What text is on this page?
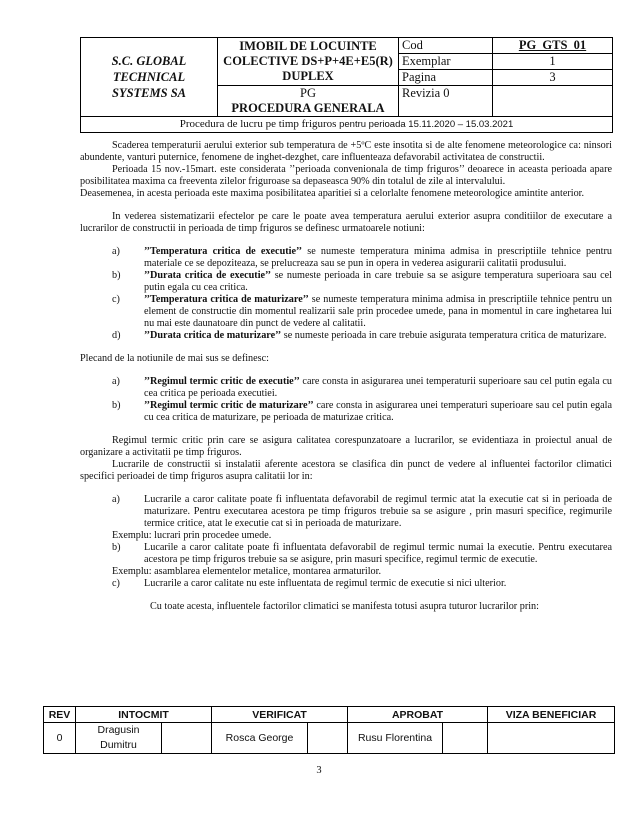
S.C. GLOBAL TECHNICAL SYSTEMS SA	IMOBIL DE LOCUINTE COLECTIVE DS+P+4E+E5(R) DUPLEX	Cod	PG_GTS_01
		Exemplar	1
		Pagina	3

	PG
PROCEDURA GENERALA	Revizia 0	
Procedura de lucru pe timp friguros pentru perioada 15.11.2020 – 15.03.2021			

Scaderea temperaturii aerului exterior sub temperatura de +5ºC este insotita si de alte fenomene meteorologice ca: ninsori abundente, vanturi puternice, fenomene de inghet-dezghet, care influenteaza defavorabil activitatea de constructii.

Perioada 15 nov.-15mart. este considerata ’’perioada convenionala de timp friguros’’ deoarece in aceasta perioada apare posibilitatea maxima ca freeventa zilelor friguroase sa depaseasca 90% din totalul de zile al intervalului.

Deasemenea, in acesta perioada este maxima posibilitatea aparitiei si a celorlalte fenomene meteorologice amintite anterior.

In vederea sistematizarii efectelor pe care le poate avea temperatura aerului exterior asupra conditiilor de executare a lucrarilor de constructii in perioada de timp friguros se definesc urmatoarele notiuni:

a)	’’Temperatura critica de executie’’ se numeste temperatura minima admisa in prescriptiile tehnice pentru materiale ce se depoziteaza, se prelucreaza sau se pun in opera in vederea asigurarii calitatii produsului.
b)	’’Durata critica de executie’’ se numeste perioada in care trebuie sa se asigure temperatura superioara sau cel putin egala cu cea critica.
c)	’’Temperatura critica de maturizare’’ se numeste temperatura minima admisa in prescriptiile tehnice pentru un element de constructie din momentul realizarii sale prin procedee umede, pana in momentul in care inghetarea lui nu mai este daunatoare din punct de vedere al calitatii.
d)	’’Durata critica de maturizare’’ se numeste perioada in care trebuie asigurata temperatura critica de maturizare.

Plecand de la notiunile de mai sus se definesc:

a)	’’Regimul termic critic de executie’’ care consta in asigurarea unei temperaturii superioare sau cel putin egala cu cea critica pe perioada executiei.
b)	’’Regimul termic critic de maturizare’’ care consta in asigurarea unei temperaturi superioare sau cel putin egala cu cea critica de maturizare, pe perioada de maturizae critica.

Regimul termic critic prin care se asigura calitatea corespunzatoare a lucrarilor, se evidentiaza in proiectul anual de organizare a activitatii pe timp friguros.

Lucrarile de constructii si instalatii aferente acestora se clasifica din punct de vedere al influentei factorilor climatici specifici perioadei de timp friguros asupra calitatii lor in:

a)	Lucrarile a caror calitate poate fi influentata defavorabil de regimul termic atat la executie cat si in perioada de maturizare. Pentru executarea acestora pe timp friguros trebuie sa se asigure , prin masuri specifice, regimurile termice critice, atat le executie cat si in perioada de maturizare.

Exemplu: lucrari prin procedee umede.

b)	Lucarile a caror calitate poate fi influentata defavorabil de regimul termic numai la executie. Pentru executarea acestora pe timp friguros trebuie sa se asigure, prin masuri specifice, regimul termic de executie.

Exemplu: asamblarea elementelor metalice, montarea armaturilor.

c)	Lucrarile a caror calitate nu este influentata de regimul termic de executie si nici ulterior.

Cu toate acesta, influentele factorilor climatici se manifesta totusi asupra tuturor lucrarilor prin:

REV	INTOCMIT		VERIFICAT		APROBAT		VIZA BENEFICIAR
0	Dragusin Dumitru		Rosca George		Rusu Florentina		
3
